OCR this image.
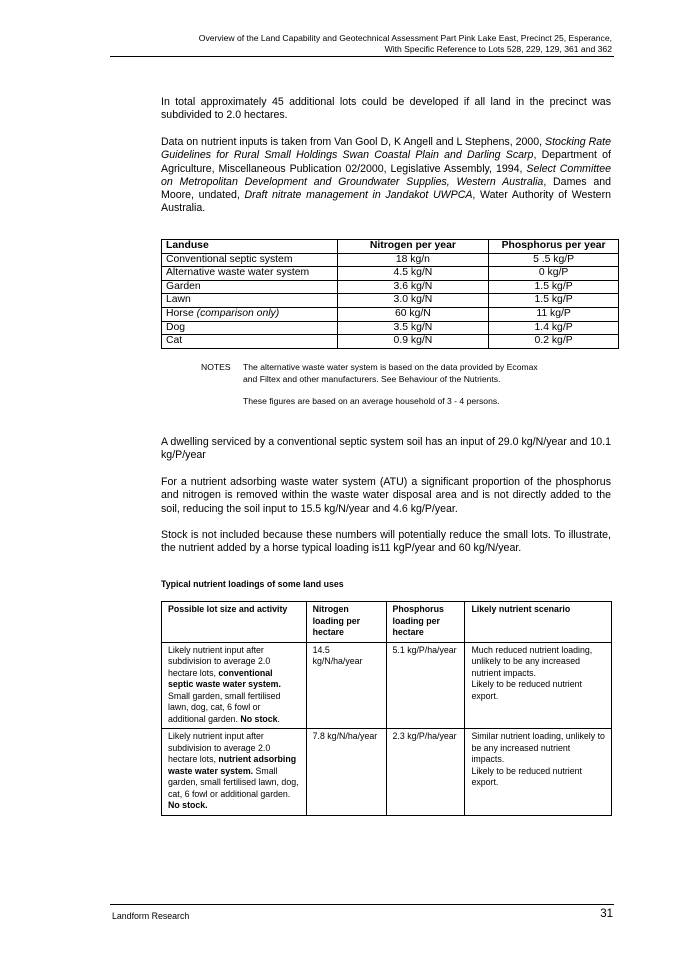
Overview of the Land Capability and Geotechnical Assessment Part Pink Lake East, Precinct 25, Esperance,
With Specific Reference to Lots 528, 229, 129, 361 and 362

In total approximately 45 additional lots could be developed if all land in the precinct was subdivided to 2.0 hectares.

Data on nutrient inputs is taken from Van Gool D, K Angell and L Stephens, 2000, Stocking Rate Guidelines for Rural Small Holdings Swan Coastal Plain and Darling Scarp, Department of Agriculture, Miscellaneous Publication 02/2000, Legislative Assembly, 1994, Select Committee on Metropolitan Development and Groundwater Supplies, Western Australia, Dames and Moore, undated, Draft nitrate management in Jandakot UWPCA, Water Authority of Western Australia.

Landuse	Nitrogen per year	Phosphorus per year
Conventional septic system	18 kg/n	5 .5 kg/P
Alternative waste water system	4.5 kg/N	0 kg/P
Garden	3.6 kg/N	1.5 kg/P
Lawn	3.0 kg/N	1.5 kg/P
Horse (comparison only)	60 kg/N	11 kg/P
Dog	3.5 kg/N	1.4 kg/P
Cat	0.9 kg/N	0.2 kg/P
NOTES The alternative waste water system is based on the data provided by Ecomax
and Filtex and other manufacturers. See Behaviour of the Nutrients.
These figures are based on an average household of 3 - 4 persons.

A dwelling serviced by a conventional septic system soil has an input of 29.0 kg/N/year and 10.1 kg/P/year

For a nutrient adsorbing waste water system (ATU) a significant proportion of the phosphorus and nitrogen is removed within the waste water disposal area and is not directly added to the soil, reducing the soil input to 15.5 kg/N/year and 4.6 kg/P/year.

Stock is not included because these numbers will potentially reduce the small lots. To illustrate, the nutrient added by a horse typical loading is11 kgP/year and 60 kg/N/year.

Typical nutrient loadings of some land uses

Possible lot size and activity	Nitrogen loading per hectare	Phosphorus loading per hectare	Likely nutrient scenario
Likely nutrient input after subdivision to average 2.0 hectare lots, conventional septic waste water system. Small garden, small fertilised lawn, dog, cat, 6 fowl or additional garden. No stock.	14.5 kg/N/ha/year	5.1 kg/P/ha/year	Much reduced nutrient loading, unlikely to be any increased nutrient impacts.
Likely to be reduced nutrient export.

Likely nutrient input after subdivision to average 2.0 hectare lots, nutrient adsorbing waste water system. Small garden, small fertilised lawn, dog, cat, 6 fowl or additional garden. No stock.	7.8 kg/N/ha/year	2.3 kg/P/ha/year	Similar nutrient loading, unlikely to be any increased nutrient impacts.
Likely to be reduced nutrient export.
Landform Research	31
